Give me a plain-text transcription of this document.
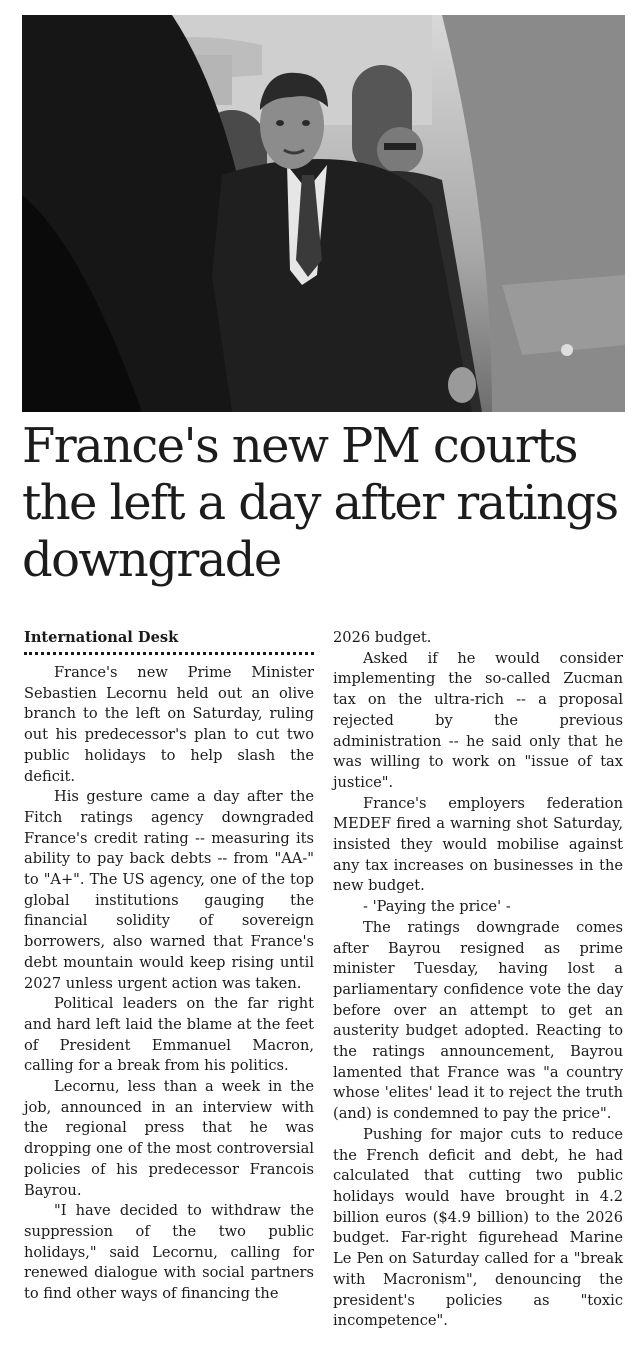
France's new PM courts
the left a day after ratings
downgrade

International Desk

France's new Prime Minister Sebastien Lecornu held out an olive branch to the left on Saturday, ruling out his predecessor's plan to cut two public holidays to help slash the deficit.

His gesture came a day after the Fitch ratings agency downgraded France's credit rating -- measuring its ability to pay back debts -- from "AA-" to "A+". The US agency, one of the top global institutions gauging the financial solidity of sovereign borrowers, also warned that France's debt mountain would keep rising until 2027 unless urgent action was taken.

Political leaders on the far right and hard left laid the blame at the feet of President Emmanuel Macron, calling for a break from his politics.

Lecornu, less than a week in the job, announced in an interview with the regional press that he was dropping one of the most controversial policies of his predecessor Francois Bayrou.

"I have decided to withdraw the suppression of the two public holidays," said Lecornu, calling for renewed dialogue with social partners to find other ways of financing the

2026 budget.

Asked if he would consider implementing the so-called Zucman tax on the ultra-rich -- a proposal rejected by the previous administration -- he said only that he was willing to work on "issue of tax justice".

France's employers federation MEDEF fired a warning shot Saturday, insisted they would mobilise against any tax increases on businesses in the new budget.

- 'Paying the price' -

The ratings downgrade comes after Bayrou resigned as prime minister Tuesday, having lost a parliamentary confidence vote the day before over an attempt to get an austerity budget adopted. Reacting to the ratings announcement, Bayrou lamented that France was "a country whose 'elites' lead it to reject the truth (and) is condemned to pay the price".

Pushing for major cuts to reduce the French deficit and debt, he had calculated that cutting two public holidays would have brought in 4.2 billion euros ($4.9 billion) to the 2026 budget. Far-right figurehead Marine Le Pen on Saturday called for a "break with Macronism", denouncing the president's policies as "toxic incompetence".
